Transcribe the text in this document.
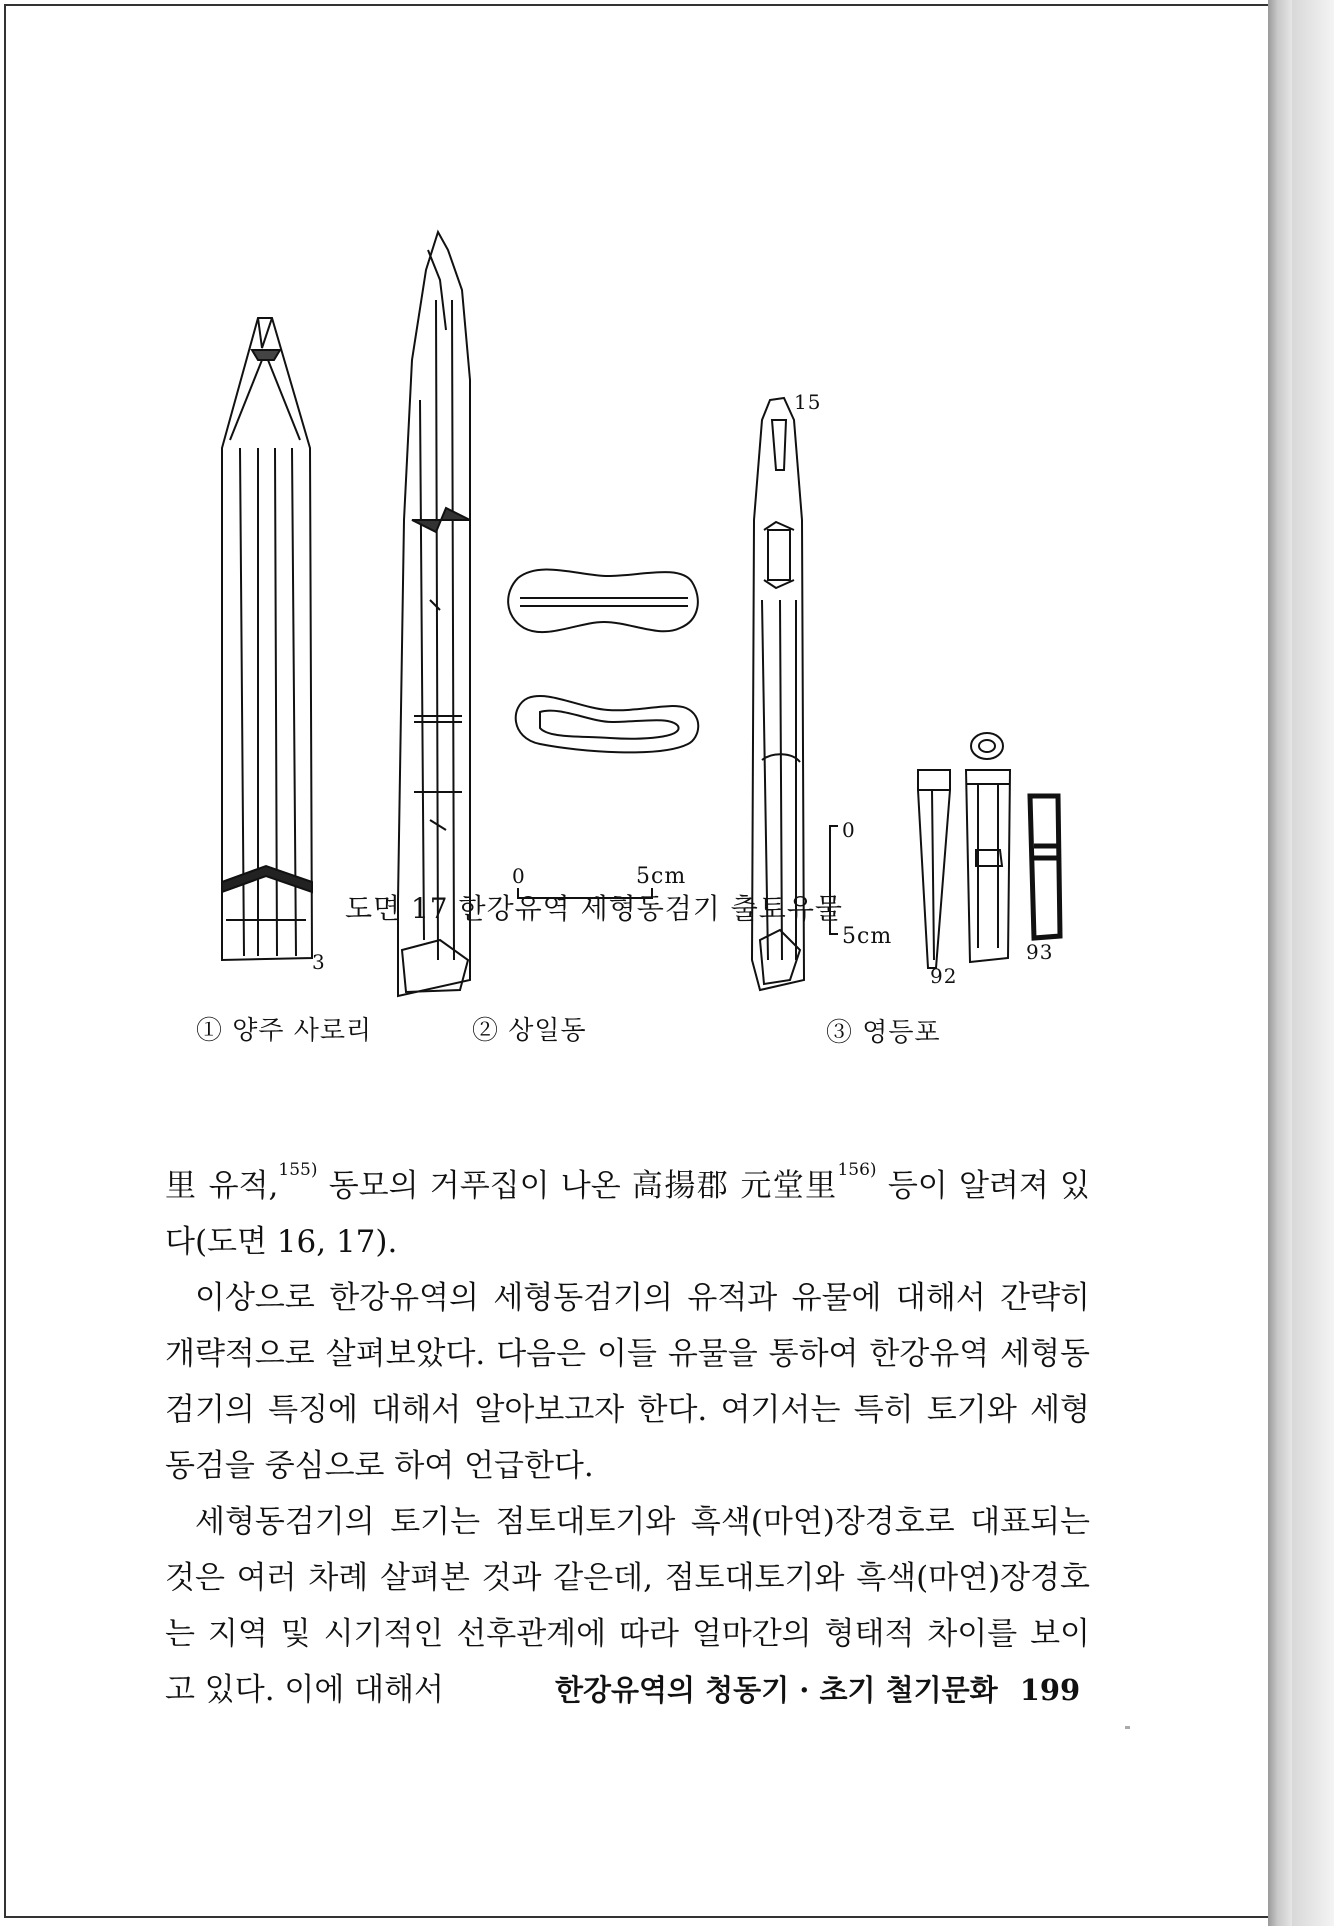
3
15
92
93
0	5cm
0
5cm
① 양주 사로리	② 상일동	③ 영등포
도면 17 한강유역 세형동검기 출토유물

里 유적,$^{155)}$ 동모의 거푸집이 나온 高揚郡 元堂里$^{156)}$ 등이 알려져 있다(도면 16, 17).

이상으로 한강유역의 세형동검기의 유적과 유물에 대해서 간략히 개략적으로 살펴보았다. 다음은 이들 유물을 통하여 한강유역 세형동검기의 특징에 대해서 알아보고자 한다. 여기서는 특히 토기와 세형동검을 중심으로 하여 언급한다.

세형동검기의 토기는 점토대토기와 흑색(마연)장경호로 대표되는 것은 여러 차례 살펴본 것과 같은데, 점토대토기와 흑색(마연)장경호는 지역 및 시기적인 선후관계에 따라 얼마간의 형태적 차이를 보이고 있다. 이에 대해서	한강유역의 청동기 · 초기 철기문화 199
